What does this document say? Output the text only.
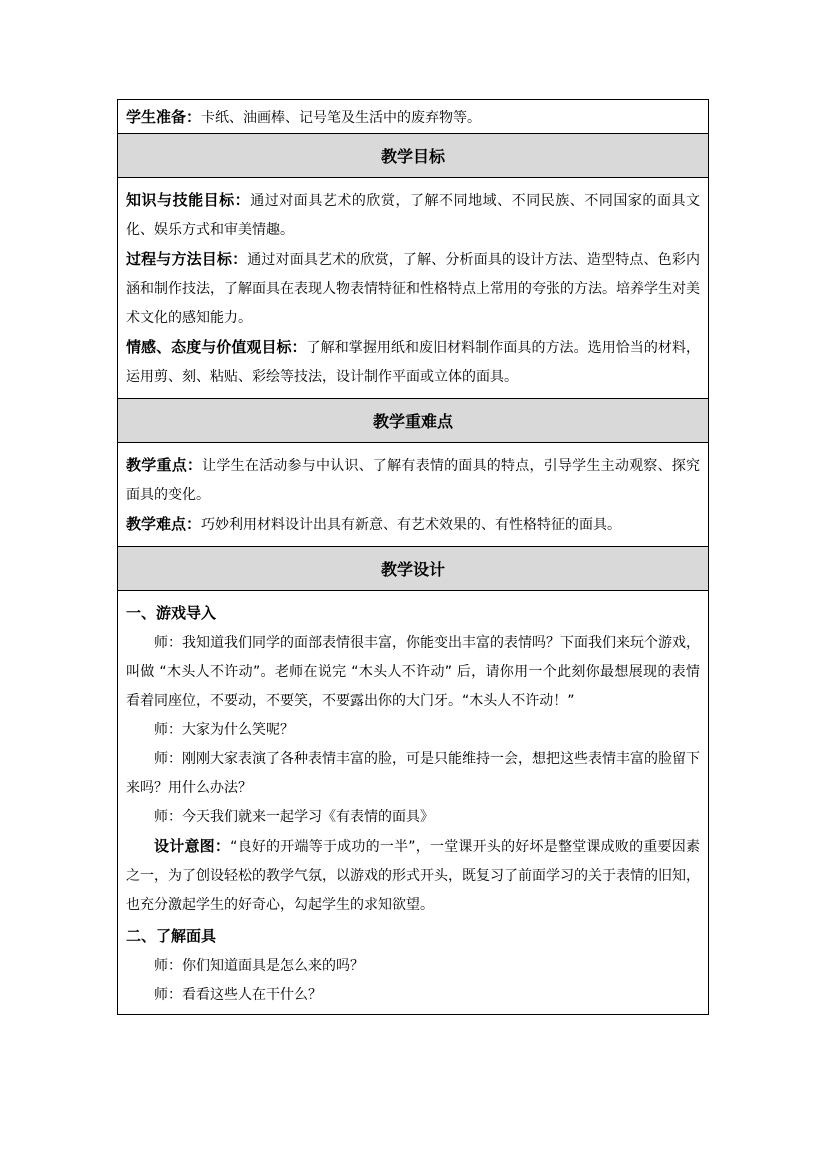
学生准备： 卡纸、油画棒、记号笔及生活中的废弃物等。
教学目标

知识与技能目标：通过对面具艺术的欣赏，了解不同地域、不同民族、不同国家的面具文化、娱乐方式和审美情趣。

过程与方法目标：通过对面具艺术的欣赏，了解、分析面具的设计方法、造型特点、色彩内涵和制作技法，了解面具在表现人物表情特征和性格特点上常用的夸张的方法。培养学生对美术文化的感知能力。

情感、态度与价值观目标：了解和掌握用纸和废旧材料制作面具的方法。选用恰当的材料，运用剪、刻、粘贴、彩绘等技法，设计制作平面或立体的面具。

教学重难点

教学重点：让学生在活动参与中认识、了解有表情的面具的特点，引导学生主动观察、探究面具的变化。

教学难点：巧妙利用材料设计出具有新意、有艺术效果的、有性格特征的面具。

教学设计

一、游戏导入

师：我知道我们同学的面部表情很丰富，你能变出丰富的表情吗？下面我们来玩个游戏，叫做 “木头人不许动”。老师在说完 “木头人不许动” 后，请你用一个此刻你最想展现的表情看着同座位，不要动，不要笑，不要露出你的大门牙。“木头人不许动！”

师：大家为什么笑呢？

师：刚刚大家表演了各种表情丰富的脸，可是只能维持一会，想把这些表情丰富的脸留下来吗？用什么办法？

师：今天我们就来一起学习《有表情的面具》

设计意图：“良好的开端等于成功的一半”，一堂课开头的好坏是整堂课成败的重要因素之一，为了创设轻松的教学气氛，以游戏的形式开头，既复习了前面学习的关于表情的旧知，也充分激起学生的好奇心，勾起学生的求知欲望。

二、了解面具

师：你们知道面具是怎么来的吗？

师：看看这些人在干什么？
